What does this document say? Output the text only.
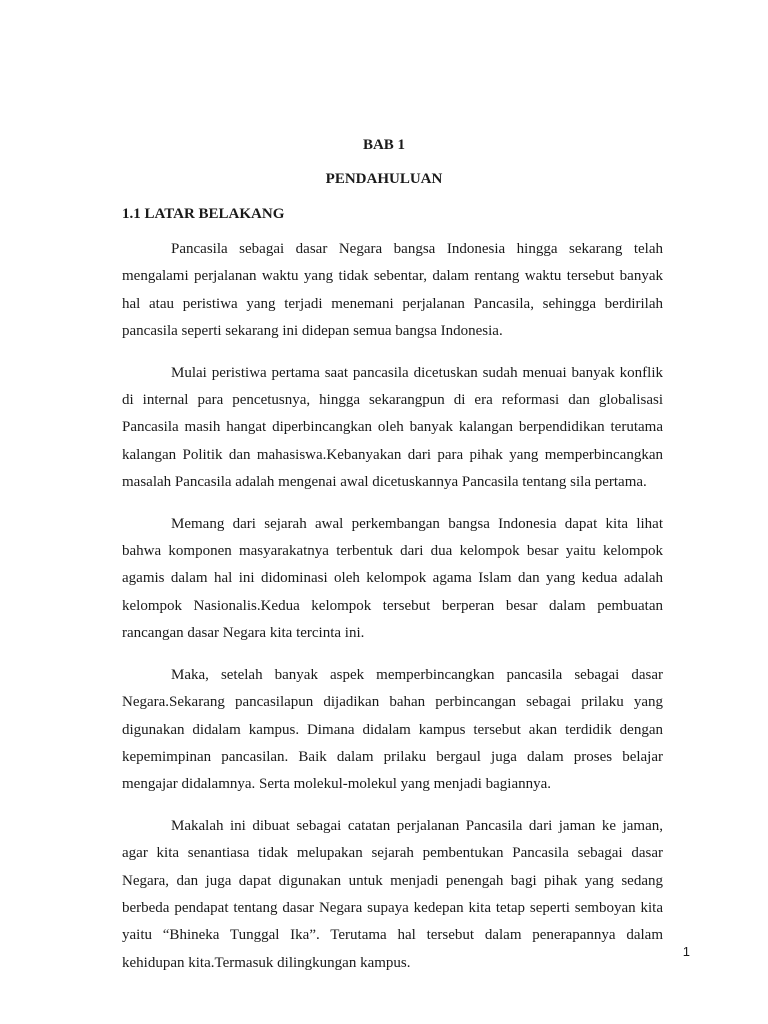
BAB 1
PENDAHULUAN
1.1 LATAR BELAKANG

Pancasila sebagai dasar Negara bangsa Indonesia hingga sekarang telah mengalami perjalanan waktu yang tidak sebentar, dalam rentang waktu tersebut banyak hal atau peristiwa yang terjadi menemani perjalanan Pancasila, sehingga berdirilah pancasila seperti sekarang ini didepan semua bangsa Indonesia.

Mulai peristiwa pertama saat pancasila dicetuskan sudah menuai banyak konflik di internal para pencetusnya, hingga sekarangpun di era reformasi dan globalisasi Pancasila masih hangat diperbincangkan oleh banyak kalangan berpendidikan terutama kalangan Politik dan mahasiswa.Kebanyakan dari para pihak yang memperbincangkan masalah Pancasila adalah mengenai awal dicetuskannya Pancasila tentang sila pertama.

Memang dari sejarah awal perkembangan bangsa Indonesia dapat kita lihat bahwa komponen masyarakatnya terbentuk dari dua kelompok besar yaitu kelompok agamis dalam hal ini didominasi oleh kelompok agama Islam dan yang kedua adalah kelompok Nasionalis.Kedua kelompok tersebut berperan besar dalam pembuatan rancangan dasar Negara kita tercinta ini.

Maka, setelah banyak aspek memperbincangkan pancasila sebagai dasar Negara.Sekarang pancasilapun dijadikan bahan perbincangan sebagai prilaku yang digunakan didalam kampus. Dimana didalam kampus tersebut akan terdidik dengan kepemimpinan pancasilan. Baik dalam prilaku bergaul juga dalam proses belajar mengajar didalamnya. Serta molekul-molekul yang menjadi bagiannya.

Makalah ini dibuat sebagai catatan perjalanan Pancasila dari jaman ke jaman, agar kita senantiasa tidak melupakan sejarah pembentukan Pancasila sebagai dasar Negara, dan juga dapat digunakan untuk menjadi penengah bagi pihak yang sedang berbeda pendapat tentang dasar Negara supaya kedepan kita tetap seperti semboyan kita yaitu “Bhineka Tunggal Ika”. Terutama hal tersebut dalam penerapannya dalam kehidupan kita.Termasuk dilingkungan kampus.

1
